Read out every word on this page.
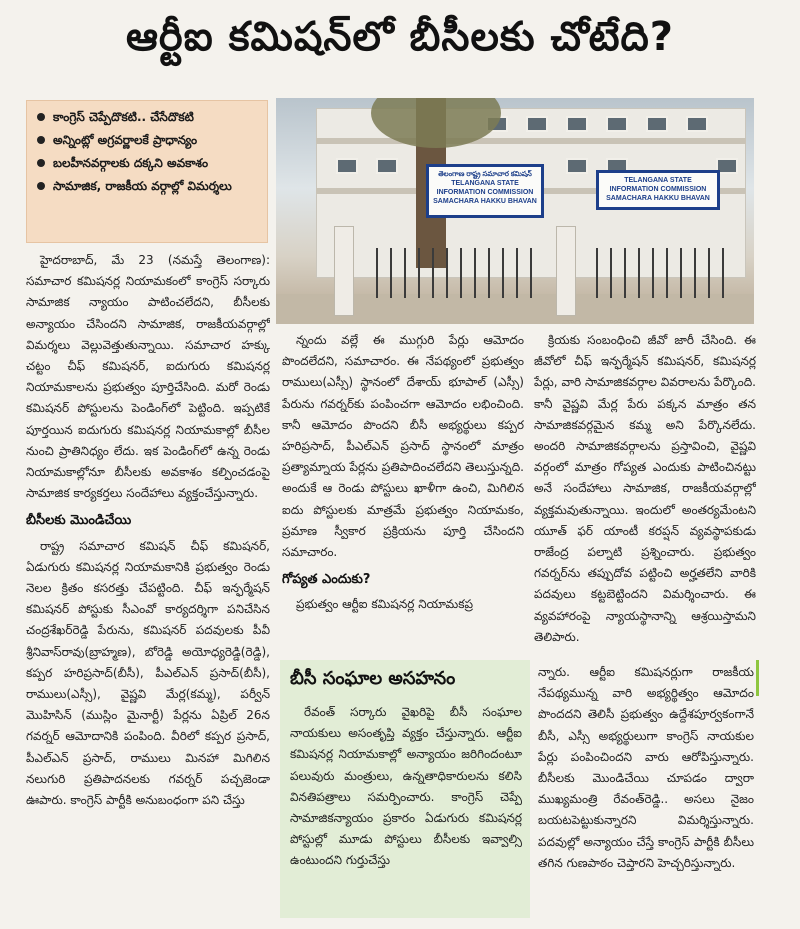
ఆర్టీఐ కమిషన్‌లో బీసీలకు చోటేది?
కాంగ్రెస్ చెప్పేదొకటి.. చేసేదొకటి
అన్నింట్లో అగ్రవర్ణాలకే ప్రాధాన్యం
బలహీనవర్గాలకు దక్కని అవకాశం
సామాజిక, రాజకీయ వర్గాల్లో విమర్శలు
తెలంగాణ రాష్ట్ర సమాచార కమిషన్
TELANGANA STATE INFORMATION COMMISSION
SAMACHARA HAKKU BHAVAN
TELANGANA STATE INFORMATION COMMISSION
SAMACHARA HAKKU BHAVAN

హైదరాబాద్, మే 23 (నమస్తే తెలంగాణ): సమాచార కమిషనర్ల నియామకంలో కాంగ్రెస్ సర్కారు సామాజిక న్యాయం పాటించలేదని, బీసీలకు అన్యాయం చేసిందని సామాజిక, రాజకీయవర్గాల్లో విమర్శలు వెల్లువెత్తుతున్నాయి. సమాచార హక్కు చట్టం చీఫ్ కమిషనర్, ఐదుగురు కమిషనర్ల నియామకాలను ప్రభుత్వం పూర్తిచేసింది. మరో రెండు కమిషనర్ పోస్టులను పెండింగ్‌లో పెట్టింది. ఇప్పటికే పూర్తయిన ఐదుగురు కమిషనర్ల నియామకాల్లో బీసీల నుంచి ప్రాతినిధ్యం లేదు. ఇక పెండింగ్‌లో ఉన్న రెండు నియామకాల్లోనూ బీసీలకు అవకాశం కల్పించడంపై సామాజిక కార్యకర్తలు సందేహాలు వ్యక్తంచేస్తున్నారు.

బీసీలకు మొండిచేయి

రాష్ట్ర సమాచార కమిషన్ చీఫ్ కమిషనర్, ఏడుగురు కమిషనర్ల నియామకానికి ప్రభుత్వం రెండు నెలల క్రితం కసరత్తు చేపట్టింది. చీఫ్ ఇన్ఫర్మేషన్ కమిషనర్ పోస్టుకు సీఎంవో కార్యదర్శిగా పనిచేసిన చంద్రశేఖర్‌రెడ్డి పేరును, కమిషనర్ పదవులకు పీవీ శ్రీనివాస్‌రావు(బ్రాహ్మణ), బోరెడ్డి అయోధ్యరెడ్డి(రెడ్డి), కప్పర హరిప్రసాద్(బీసీ), పీఎల్‌ఎన్ ప్రసాద్(బీసీ), రాములు(ఎస్సీ), వైష్ణవి మేర్ల(కమ్మ), పర్వీన్ మొహిసిన్ (ముస్లిం మైనార్టీ) పేర్లను ఏప్రిల్ 26న గవర్నర్ ఆమోదానికి పంపింది. వీరిలో కప్పర ప్రసాద్, పీఎల్‌ఎన్ ప్రసాద్, రాములు మినహా మిగిలిన నలుగురి ప్రతిపాదనలకు గవర్నర్ పచ్చజెండా ఊపారు. కాంగ్రెస్ పార్టీకి అనుబంధంగా పని చేస్తు

న్నందు వల్లే ఈ ముగ్గురి పేర్లు ఆమోదం పొందలేదని, సమాచారం. ఈ నేపథ్యంలో ప్రభుత్వం రాములు(ఎస్సీ) స్థానంలో దేశాయ్ భూపాల్ (ఎస్సీ) పేరును గవర్నర్‌కు పంపించగా ఆమోదం లభించింది. కానీ ఆమోదం పొందని బీసీ అభ్యర్థులు కప్పర హరిప్రసాద్, పీఎల్‌ఎన్ ప్రసాద్ స్థానంలో మాత్రం ప్రత్యామ్నాయ పేర్లను ప్రతిపాదించలేదని తెలుస్తున్నది. అందుకే ఆ రెండు పోస్టులు ఖాళీగా ఉంచి, మిగిలిన ఐదు పోస్టులకు మాత్రమే ప్రభుత్వం నియామకం, ప్రమాణ స్వీకార ప్రక్రియను పూర్తి చేసిందని సమాచారం.

గోప్యత ఎందుకు?

ప్రభుత్వం ఆర్టీఐ కమిషనర్ల నియామకప్ర

క్రియకు సంబంధించి జీవో జారీ చేసింది. ఈ జీవోలో చీఫ్ ఇన్ఫర్మేషన్ కమిషనర్, కమిషనర్ల పేర్లు, వారి సామాజికవర్గాల వివరాలను పేర్కొంది. కానీ వైష్ణవి మేర్ల పేరు పక్కన మాత్రం తన సామాజికవర్గమైన కమ్మ అని పేర్కొనలేదు. అందరి సామాజికవర్గాలను ప్రస్తావించి, వైష్ణవి వర్గంలో మాత్రం గోప్యత ఎందుకు పాటించినట్టు అనే సందేహాలు సామాజిక, రాజకీయవర్గాల్లో వ్యక్తమవుతున్నాయి. ఇందులో అంతర్యమేంటని యూత్ ఫర్ యాంటీ కరప్షన్ వ్యవస్థాపకుడు రాజేంద్ర పల్నాటి ప్రశ్నించారు. ప్రభుత్వం గవర్నర్‌ను తప్పుదోవ పట్టించి అర్హతలేని వారికి పదవులు కట్టబెట్టిందని విమర్శించారు. ఈ వ్యవహారంపై న్యాయస్థానాన్ని ఆశ్రయిస్తామని తెలిపారు.

బీసీ సంఘాల అసహనం

రేవంత్ సర్కారు వైఖరిపై బీసీ సంఘాల నాయకులు అసంతృప్తి వ్యక్తం చేస్తున్నారు. ఆర్టీఐ కమిషనర్ల నియామకాల్లో అన్యాయం జరిగిందంటూ పలువురు మంత్రులు, ఉన్నతాధికారులను కలిసి వినతిపత్రాలు సమర్పించారు. కాంగ్రెస్ చెప్పే సామాజికన్యాయం ప్రకారం ఏడుగురు కమిషనర్ల పోస్టుల్లో మూడు పోస్టులు బీసీలకు ఇవ్వాల్సి ఉంటుందని గుర్తుచేస్తు

న్నారు. ఆర్టీఐ కమిషనర్లుగా రాజకీయ నేపథ్యమున్న వారి అభ్యర్థిత్వం ఆమోదం పొందదని తెలిసీ ప్రభుత్వం ఉద్దేశపూర్వకంగానే బీసీ, ఎస్సీ అభ్యర్థులుగా కాంగ్రెస్ నాయకుల పేర్లు పంపించిందని వారు ఆరోపిస్తున్నారు. బీసీలకు మొండిచేయి చూపడం ద్వారా ముఖ్యమంత్రి రేవంత్‌రెడ్డి.. అసలు నైజం బయటపెట్టుకున్నారని విమర్శిస్తున్నారు. పదవుల్లో అన్యాయం చేస్తే కాంగ్రెస్ పార్టీకి బీసీలు తగిన గుణపాఠం చెప్తారని హెచ్చరిస్తున్నారు.
